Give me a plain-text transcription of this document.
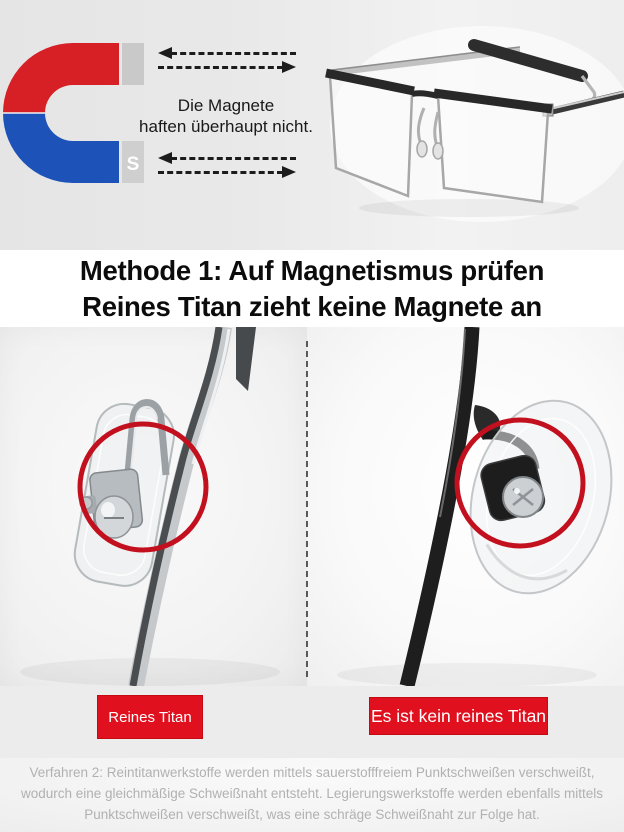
S
Die Magnete
haften überhaupt nicht.
Methode 1: Auf Magnetismus prüfen
Reines Titan zieht keine Magnete an
Reines Titan	Es ist kein reines Titan

Verfahren 2: Reintitanwerkstoffe werden mittels sauerstofffreiem Punktschweißen verschweißt, wodurch eine gleichmäßige Schweißnaht entsteht. Legierungswerkstoffe werden ebenfalls mittels Punktschweißen verschweißt, was eine schräge Schweißnaht zur Folge hat.
